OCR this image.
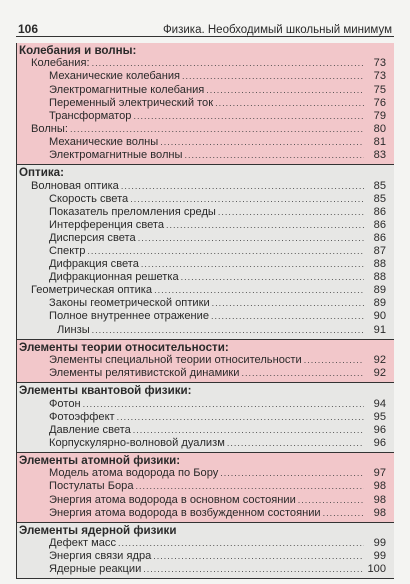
106	Физика. Необходимый школьный минимум
Колебания и волны:
Колебания: .....	73
Механические колебания .....	73
Электромагнитные колебания .....	75
Переменный электрический ток .....	76
Трансформатор .....	79
Волны: .....	80
Механические волны .....	81
Электромагнитные волны .....	83
Оптика:
Волновая оптика .....	85
Скорость света .....	85
Показатель преломления среды .....	86
Интерференция света .....	86
Дисперсия света .....	86
Спектр .....	87
Дифракция света .....	88
Дифракционная решетка .....	88
Геометрическая оптика .....	89
Законы геометрической оптики .....	89
Полное внутреннее отражение .....	90
Линзы .....	91
Элементы теории относительности:
Элементы специальной теории относительности .....	92
Элементы релятивистской динамики .....	92
Элементы квантовой физики:
Фотон .....	94
Фотоэффект .....	95
Давление света .....	96
Корпускулярно-волновой дуализм .....	96
Элементы атомной физики:
Модель атома водорода по Бору .....	97
Постулаты Бора .....	98
Энергия атома водорода в основном состоянии .....	98
Энергия атома водорода в возбужденном состоянии .....	98
Элементы ядерной физики
Дефект масс .....	99
Энергия связи ядра .....	99
Ядерные реакции .....	100
